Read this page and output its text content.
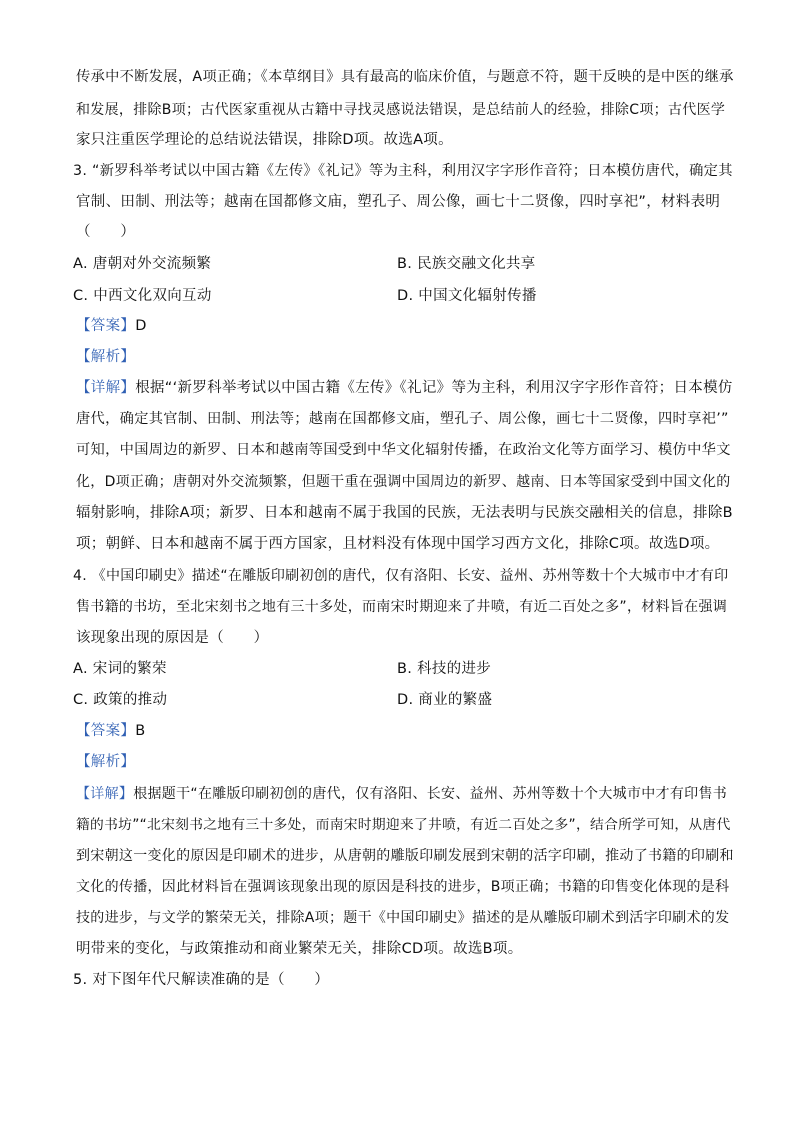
传承中不断发展，A项正确；《本草纲目》具有最高的临床价值，与题意不符，题干反映的是中医的继承
和发展，排除B项；古代医家重视从古籍中寻找灵感说法错误，是总结前人的经验，排除C项；古代医学
家只注重医学理论的总结说法错误，排除D项。故选A项。
3. “新罗科举考试以中国古籍《左传》《礼记》等为主科，利用汉字字形作音符；日本模仿唐代，确定其
官制、田制、刑法等；越南在国都修文庙，塑孔子、周公像，画七十二贤像，四时享祀”，材料表明
（　　）
A. 唐朝对外交流频繁	B. 民族交融文化共享
C. 中西文化双向互动	D. 中国文化辐射传播
【答案】D
【解析】
【详解】根据“‘新罗科举考试以中国古籍《左传》《礼记》等为主科，利用汉字字形作音符；日本模仿
唐代，确定其官制、田制、刑法等；越南在国都修文庙，塑孔子、周公像，画七十二贤像，四时享祀’”
可知，中国周边的新罗、日本和越南等国受到中华文化辐射传播，在政治文化等方面学习、模仿中华文
化，D项正确；唐朝对外交流频繁，但题干重在强调中国周边的新罗、越南、日本等国家受到中国文化的
辐射影响，排除A项；新罗、日本和越南不属于我国的民族，无法表明与民族交融相关的信息，排除B
项；朝鲜、日本和越南不属于西方国家，且材料没有体现中国学习西方文化，排除C项。故选D项。
4. 《中国印刷史》描述“在雕版印刷初创的唐代，仅有洛阳、长安、益州、苏州等数十个大城市中才有印
售书籍的书坊，至北宋刻书之地有三十多处，而南宋时期迎来了井喷，有近二百处之多”，材料旨在强调
该现象出现的原因是（　　）
A. 宋词的繁荣	B. 科技的进步
C. 政策的推动	D. 商业的繁盛
【答案】B
【解析】
【详解】根据题干“在雕版印刷初创的唐代，仅有洛阳、长安、益州、苏州等数十个大城市中才有印售书
籍的书坊”“北宋刻书之地有三十多处，而南宋时期迎来了井喷，有近二百处之多”，结合所学可知，从唐代
到宋朝这一变化的原因是印刷术的进步，从唐朝的雕版印刷发展到宋朝的活字印刷，推动了书籍的印刷和
文化的传播，因此材料旨在强调该现象出现的原因是科技的进步，B项正确；书籍的印售变化体现的是科
技的进步，与文学的繁荣无关，排除A项；题干《中国印刷史》描述的是从雕版印刷术到活字印刷术的发
明带来的变化，与政策推动和商业繁荣无关，排除CD项。故选B项。
5. 对下图年代尺解读准确的是（　　）
